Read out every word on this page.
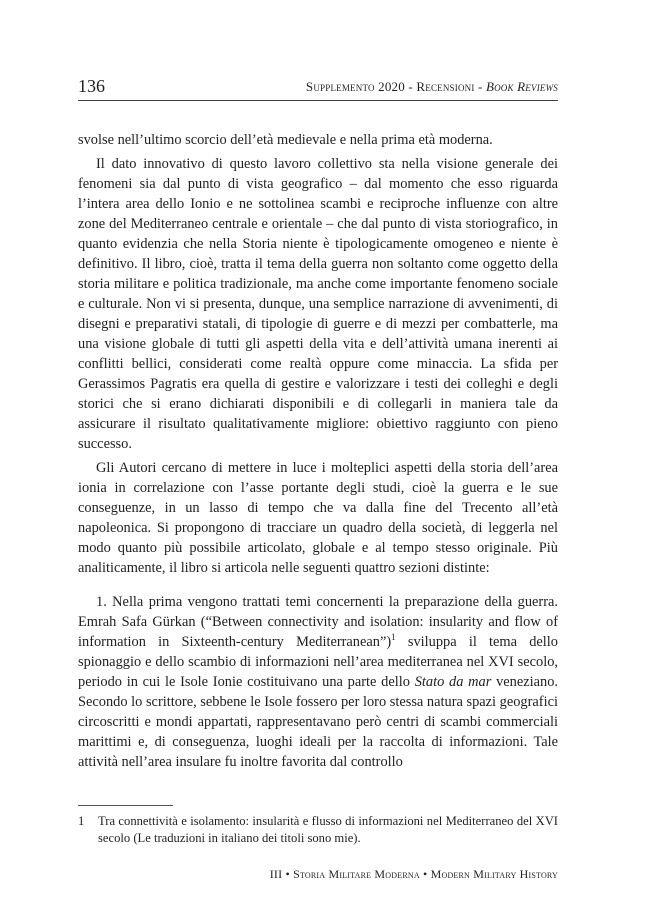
136	Supplemento 2020 - Recensioni - Book Reviews

svolse nell’ultimo scorcio dell’età medievale e nella prima età moderna.

Il dato innovativo di questo lavoro collettivo sta nella visione generale dei fenomeni sia dal punto di vista geografico – dal momento che esso riguarda l’intera area dello Ionio e ne sottolinea scambi e reciproche influenze con altre zone del Mediterraneo centrale e orientale – che dal punto di vista storiografico, in quanto evidenzia che nella Storia niente è tipologicamente omogeneo e niente è definitivo. Il libro, cioè, tratta il tema della guerra non soltanto come oggetto della storia militare e politica tradizionale, ma anche come importante fenomeno sociale e culturale. Non vi si presenta, dunque, una semplice narrazione di avvenimenti, di disegni e preparativi statali, di tipologie di guerre e di mezzi per combatterle, ma una visione globale di tutti gli aspetti della vita e dell’attività umana inerenti ai conflitti bellici, considerati come realtà oppure come minaccia. La sfida per Gerassimos Pagratis era quella di gestire e valorizzare i testi dei colleghi e degli storici che si erano dichiarati disponibili e di collegarli in maniera tale da assicurare il risultato qualitativamente migliore: obiettivo raggiunto con pieno successo.

Gli Autori cercano di mettere in luce i molteplici aspetti della storia dell’area ionia in correlazione con l’asse portante degli studi, cioè la guerra e le sue conseguenze, in un lasso di tempo che va dalla fine del Trecento all’età napoleonica. Si propongono di tracciare un quadro della società, di leggerla nel modo quanto più possibile articolato, globale e al tempo stesso originale. Più analiticamente, il libro si articola nelle seguenti quattro sezioni distinte:

1. Nella prima vengono trattati temi concernenti la preparazione della guerra. Emrah Safa Gürkan (“Between connectivity and isolation: insularity and flow of information in Sixteenth-century Mediterranean”)$^1$ sviluppa il tema dello spionaggio e dello scambio di informazioni nell’area mediterranea nel XVI secolo, periodo in cui le Isole Ionie costituivano una parte dello Stato da mar veneziano. Secondo lo scrittore, sebbene le Isole fossero per loro stessa natura spazi geografici circoscritti e mondi appartati, rappresentavano però centri di scambi commerciali marittimi e, di conseguenza, luoghi ideali per la raccolta di informazioni. Tale attività nell’area insulare fu inoltre favorita dal controllo

1 Tra connettività e isolamento: insularità e flusso di informazioni nel Mediterraneo del XVI secolo (Le traduzioni in italiano dei titoli sono mie).
III • Storia Militare Moderna • Modern Military History
